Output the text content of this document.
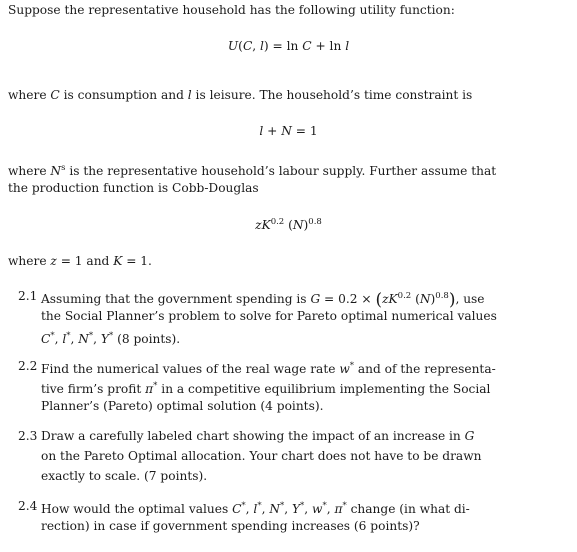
Suppose the representative household has the following utility function:
U(C, l) = ln C + ln l
where C is consumption and l is leisure. The household’s time constraint is
l + N = 1
where $N^s$ is the representative household’s labour supply. Further assume that
the production function is Cobb-Douglas
$zK^{0.2}$ $(N)^{0.8}$
where z = 1 and K = 1.
2.1 Assuming that the government spending is $G = 0.2 \times (zK^{0.2}$ $(N)^{0.8}$), use
the Social Planner’s problem to solve for Pareto optimal numerical values
C*, l*, N*, Y* (8 points).
2.2 Find the numerical values of the real wage rate w* and of the representa-
tive firm’s profit π* in a competitive equilibrium implementing the Social
Planner’s (Pareto) optimal solution (4 points).
2.3 Draw a carefully labeled chart showing the impact of an increase in G
on the Pareto Optimal allocation. Your chart does not have to be drawn
exactly to scale. (7 points).
2.4 How would the optimal values C*, l*, N*, Y*, w*, π* change (in what di-
rection) in case if government spending increases (6 points)?
